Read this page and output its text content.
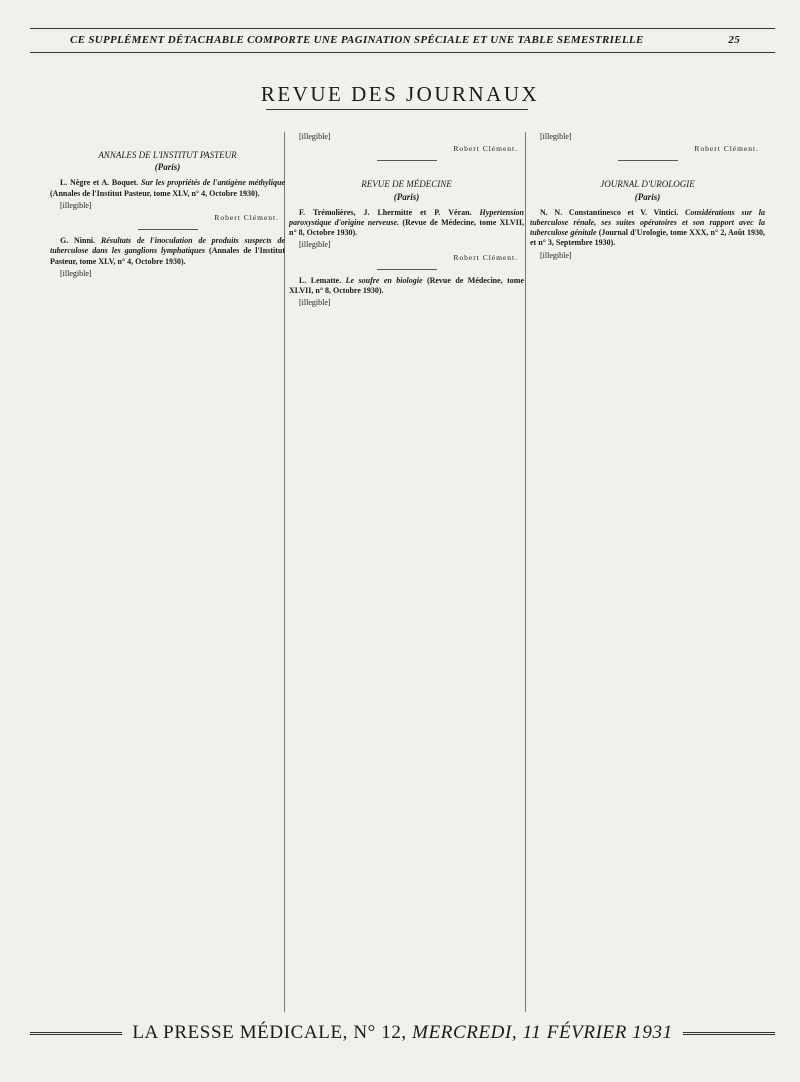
CE SUPPLÉMENT DÉTACHABLE COMPORTE UNE PAGINATION SPÉCIALE ET UNE TABLE SEMESTRIELLE	25
REVUE DES JOURNAUX
ANNALES DE L'INSTITUT PASTEUR
(Paris)

L. Nègre et A. Boquet. Sur les propriétés de l'antigène méthylique (Annales de l'Institut Pasteur, tome XLV, n° 4, Octobre 1930).

[illegible]

Robert Clément.

G. Ninni. Résultats de l'inoculation de produits suspects de tuberculose dans les ganglions lymphatiques (Annales de l'Institut Pasteur, tome XLV, n° 4, Octobre 1930).

[illegible]

[illegible]

Robert Clément.
REVUE DE MÉDECINE
(Paris)

F. Trémolières, J. Lhermitte et P. Véran. Hypertension paroxystique d'origine nerveuse. (Revue de Médecine, tome XLVII, n° 8, Octobre 1930).

[illegible]

Robert Clément.

L. Lematte. Le soufre en biologie (Revue de Médecine, tome XLVII, n° 8, Octobre 1930).

[illegible]

[illegible]

Robert Clément.
JOURNAL D'UROLOGIE
(Paris)

N. N. Constantinesco et V. Vintici. Considérations sur la tuberculose rénale, ses suites opératoires et son rapport avec la tuberculose génitale (Journal d'Urologie, tome XXX, n° 2, Août 1930, et n° 3, Septembre 1930).

[illegible]

LA PRESSE MÉDICALE, N° 12, MERCREDI, 11 FÉVRIER 1931
